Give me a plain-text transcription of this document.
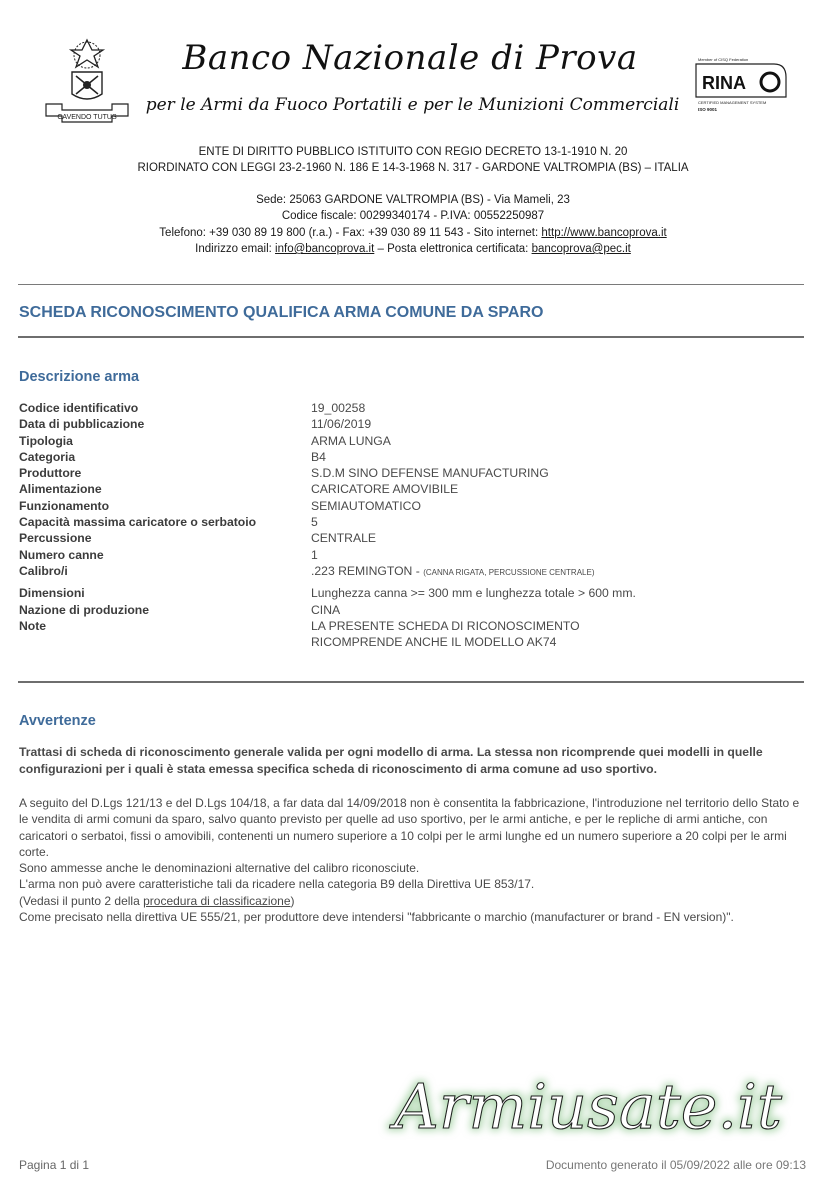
CAVENDO TUTUS
Banco Nazionale di Prova
per le Armi da Fuoco Portatili e per le Munizioni Commerciali
Member of CISQ Federation
RINA
CERTIFIED MANAGEMENT SYSTEM
ISO 9001
ENTE DI DIRITTO PUBBLICO ISTITUITO CON REGIO DECRETO 13-1-1910 N. 20
RIORDINATO CON LEGGI 23-2-1960 N. 186 E 14-3-1968 N. 317 - GARDONE VALTROMPIA (BS) – ITALIA
Sede: 25063 GARDONE VALTROMPIA (BS) - Via Mameli, 23
Codice fiscale: 00299340174 - P.IVA: 00552250987
Telefono: +39 030 89 19 800 (r.a.) - Fax: +39 030 89 11 543 - Sito internet: http://www.bancoprova.it
Indirizzo email: info@bancoprova.it – Posta elettronica certificata: bancoprova@pec.it
SCHEDA RICONOSCIMENTO QUALIFICA ARMA COMUNE DA SPARO
Descrizione arma
Codice identificativo	19_00258
Data di pubblicazione	11/06/2019
Tipologia	ARMA LUNGA
Categoria	B4
Produttore	S.D.M SINO DEFENSE MANUFACTURING
Alimentazione	CARICATORE AMOVIBILE
Funzionamento	SEMIAUTOMATICO
Capacità massima caricatore o serbatoio	5
Percussione	CENTRALE
Numero canne	1
Calibro/i	.223 REMINGTON - (CANNA RIGATA, PERCUSSIONE CENTRALE)
Dimensioni	Lunghezza canna >= 300 mm e lunghezza totale > 600 mm.
Nazione di produzione	CINA
Note	LA PRESENTE SCHEDA DI RICONOSCIMENTO
RICOMPRENDE ANCHE IL MODELLO AK74
Avvertenze
Trattasi di scheda di riconoscimento generale valida per ogni modello di arma. La stessa non ricomprende quei modelli in quelle configurazioni per i quali è stata emessa specifica scheda di riconoscimento di arma comune ad uso sportivo.

A seguito del D.Lgs 121/13 e del D.Lgs 104/18, a far data dal 14/09/2018 non è consentita la fabbricazione, l'introduzione nel territorio dello Stato e le vendita di armi comuni da sparo, salvo quanto previsto per quelle ad uso sportivo, per le armi antiche, e per le repliche di armi antiche, con caricatori o serbatoi, fissi o amovibili, contenenti un numero superiore a 10 colpi per le armi lunghe ed un numero superiore a 20 colpi per le armi corte.

Sono ammesse anche le denominazioni alternative del calibro riconosciute.

L'arma non può avere caratteristiche tali da ricadere nella categoria B9 della Direttiva UE 853/17.

(Vedasi il punto 2 della procedura di classificazione)

Come precisato nella direttiva UE 555/21, per produttore deve intendersi "fabbricante o marchio (manufacturer or brand - EN version)".

Armiusate.it
Pagina 1 di 1	Documento generato il 05/09/2022 alle ore 09:13
